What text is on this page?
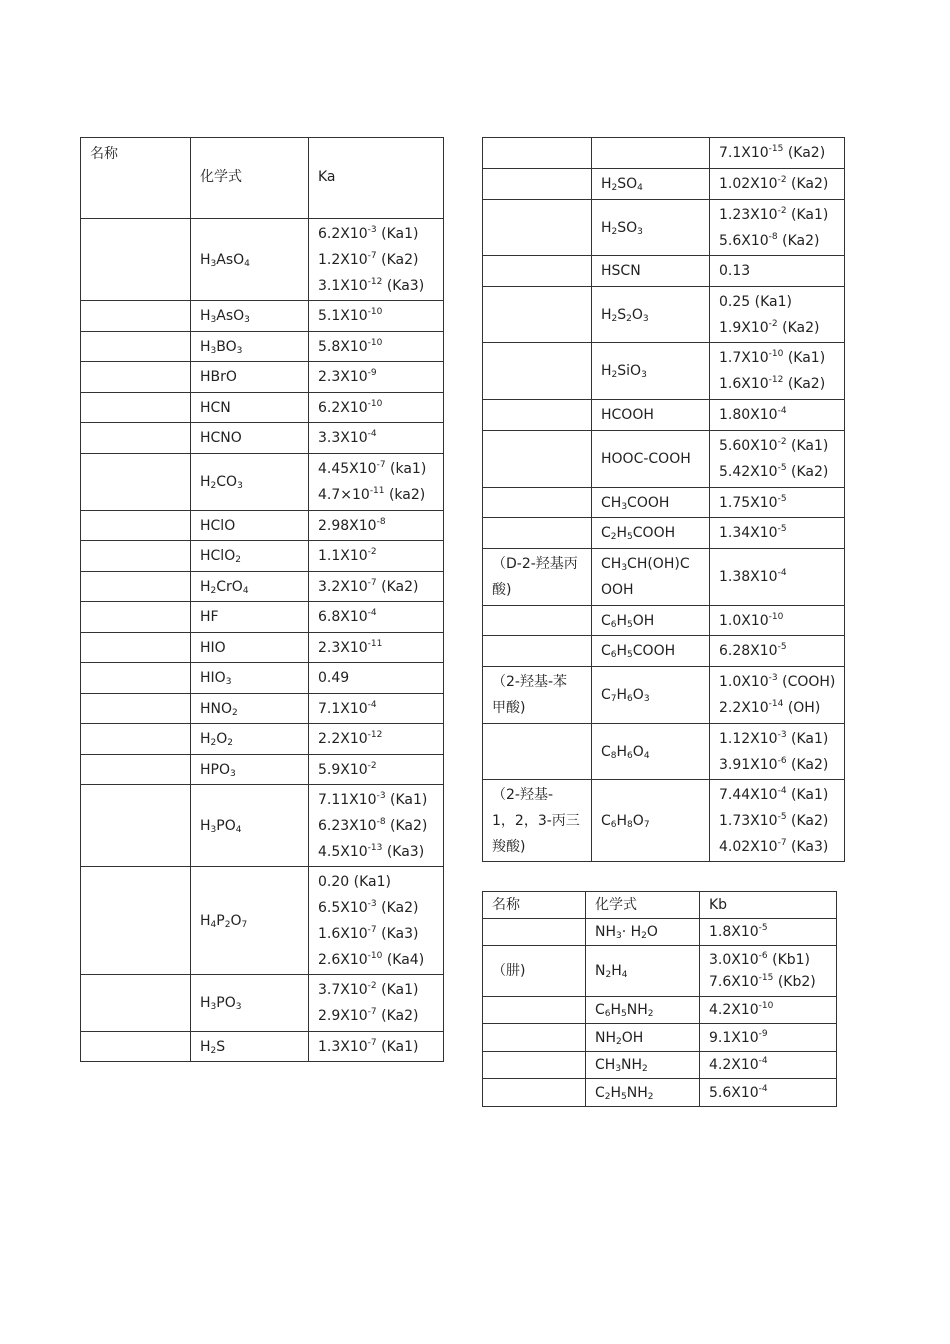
名称	化学式	Ka
	$H_3AsO_4$	$6.2X10^{-3}$ (Ka1)
$1.2X10^{-7}$ (Ka2)
$3.1X10^{-12}$ (Ka3)

	$H_3AsO_3$	$5.1X10^{-10}$

	$H_3BO_3$	$5.8X10^{-10}$

	HBrO	$2.3X10^{-9}$

	HCN	$6.2X10^{-10}$

	HCNO	$3.3X10^{-4}$

	$H_2CO_3$	$4.45X10^{-7}$ (ka1)
$4.7\times 10^{-11}$ (ka2)

	HClO	$2.98X10^{-8}$

	HClO$_2$	$1.1X10^{-2}$

	$H_2CrO_4$	$3.2X10^{-7}$ (Ka2)

	HF	$6.8X10^{-4}$

	HIO	$2.3X10^{-11}$

	$HIO_3$	0.49

	$HNO_2$	$7.1X10^{-4}$

	$H_2O_2$	$2.2X10^{-12}$

	$HPO_3$	$5.9X10^{-2}$

	$H_3PO_4$	$7.11X10^{-3}$ (Ka1)
$6.23X10^{-8}$ (Ka2)
$4.5X10^{-13}$ (Ka3)

	$H_4P_2O_7$	0.20 (Ka1)
$6.5X10^{-3}$ (Ka2)
$1.6X10^{-7}$ (Ka3)
$2.6X10^{-10}$ (Ka4)

	$H_3PO_3$	$3.7X10^{-2}$ (Ka1)
$2.9X10^{-7}$ (Ka2)

	$H_2S$	$1.3X10^{-7}$ (Ka1)

		$7.1X10^{-15}$ (Ka2)

	$H_2SO_4$	$1.02X10^{-2}$ (Ka2)

	$H_2SO_3$	$1.23X10^{-2}$ (Ka1)
$5.6X10^{-8}$ (Ka2)

	HSCN	0.13

	$H_2S_2O_3$	0.25 (Ka1)
$1.9X10^{-2}$ (Ka2)

	$H_2SiO_3$	$1.7X10^{-10}$ (Ka1)
$1.6X10^{-12}$ (Ka2)

	HCOOH	$1.80X10^{-4}$

	HOOC-COOH	$5.60X10^{-2}$ (Ka1)
$5.42X10^{-5}$ (Ka2)

	$CH_3COOH$	$1.75X10^{-5}$

	$C_2H_5COOH$	$1.34X10^{-5}$

（D-2-羟基丙
酸)	$CH_3CH(OH)C$
OOH	$1.38X10^{-4}$

	$C_6H_5OH$	$1.0X10^{-10}$

	$C_6H_5COOH$	$6.28X10^{-5}$

（2-羟基-苯
甲酸)	$C_7H_6O_3$	$1.0X10^{-3}$ (COOH)
$2.2X10^{-14}$ (OH)

	$C_8H_6O_4$	$1.12X10^{-3}$ (Ka1)
$3.91X10^{-6}$ (Ka2)

（2-羟基-
1，2，3-丙三
羧酸)	$C_6H_8O_7$	$7.44X10^{-4}$ (Ka1)
$1.73X10^{-5}$ (Ka2)
$4.02X10^{-7}$ (Ka3)
名称	化学式	Kb
	$NH_3\cdot H_2O$	$1.8X10^{-5}$

（肼)	$N_2H_4$	$3.0X10^{-6}$ (Kb1)
$7.6X10^{-15}$ (Kb2)

	$C_6H_5NH_2$	$4.2X10^{-10}$

	$NH_2OH$	$9.1X10^{-9}$

	$CH_3NH_2$	$4.2X10^{-4}$

	$C_2H_5NH_2$	$5.6X10^{-4}$
